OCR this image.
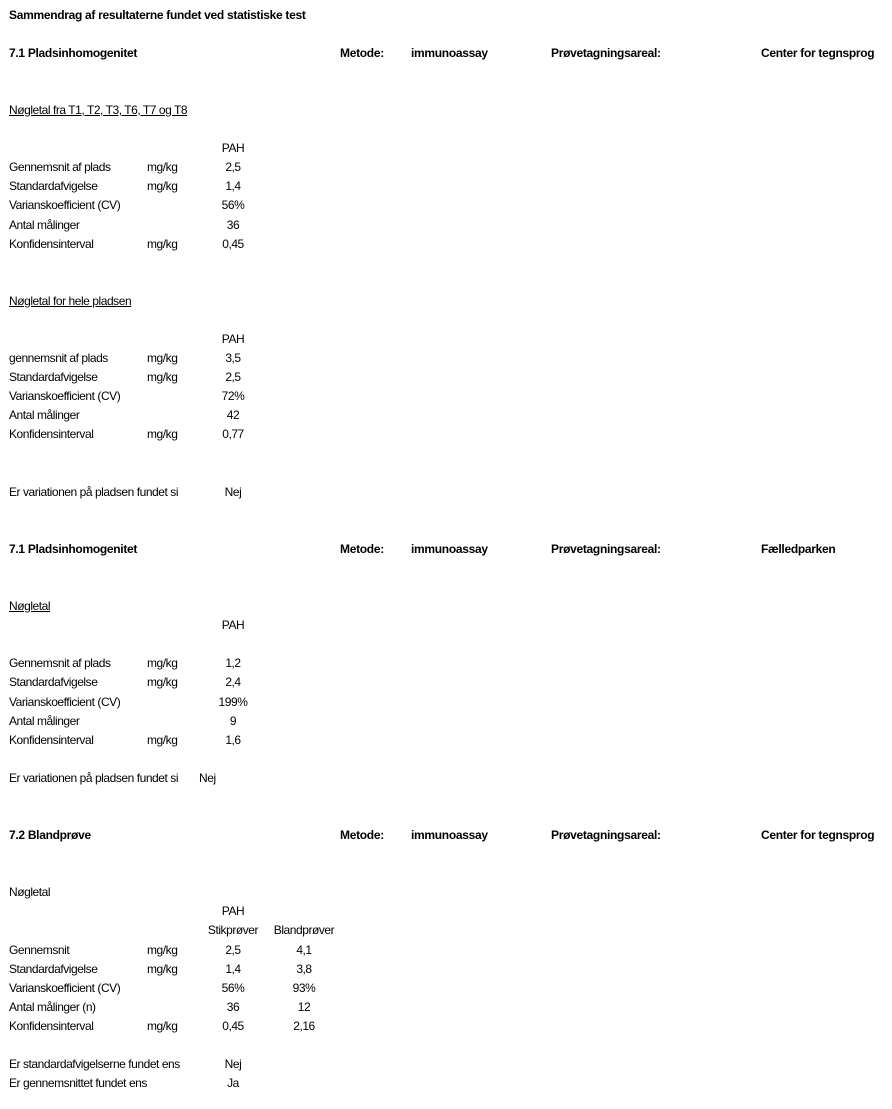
Sammendrag af resultaterne fundet ved statistiske test
7.1 Pladsinhomogenitet	Metode: immunoassay	Prøvetagningsareal:	Center for tegnsprog
Nøgletal fra T1, T2, T3, T6, T7 og T8
PAH
Gennemsnit af plads	mg/kg	2,5
Standardafvigelse	mg/kg	1,4
Varianskoefficient (CV)	56%
Antal målinger	36
Konfidensinterval	mg/kg	0,45
Nøgletal for hele pladsen
PAH
gennemsnit af plads	mg/kg	3,5
Standardafvigelse	mg/kg	2,5
Varianskoefficient (CV)	72%
Antal målinger	42
Konfidensinterval	mg/kg	0,77
Er variationen på pladsen fundet si	Nej
7.1 Pladsinhomogenitet	Metode: immunoassay	Prøvetagningsareal:	Fælledparken
Nøgletal
PAH
Gennemsnit af plads	mg/kg	1,2
Standardafvigelse	mg/kg	2,4
Varianskoefficient (CV)	199%
Antal målinger	9
Konfidensinterval	mg/kg	1,6
Er variationen på pladsen fundet si	Nej
7.2 Blandprøve	Metode: immunoassay	Prøvetagningsareal:	Center for tegnsprog
Nøgletal
PAH
Stikprøver	Blandprøver
Gennemsnit	mg/kg	2,5	4,1
Standardafvigelse	mg/kg	1,4	3,8
Varianskoefficient (CV)	56%	93%
Antal målinger (n)	36	12
Konfidensinterval	mg/kg	0,45	2,16
Er standardafvigelserne fundet ens	Nej
Er gennemsnittet fundet ens	Ja
